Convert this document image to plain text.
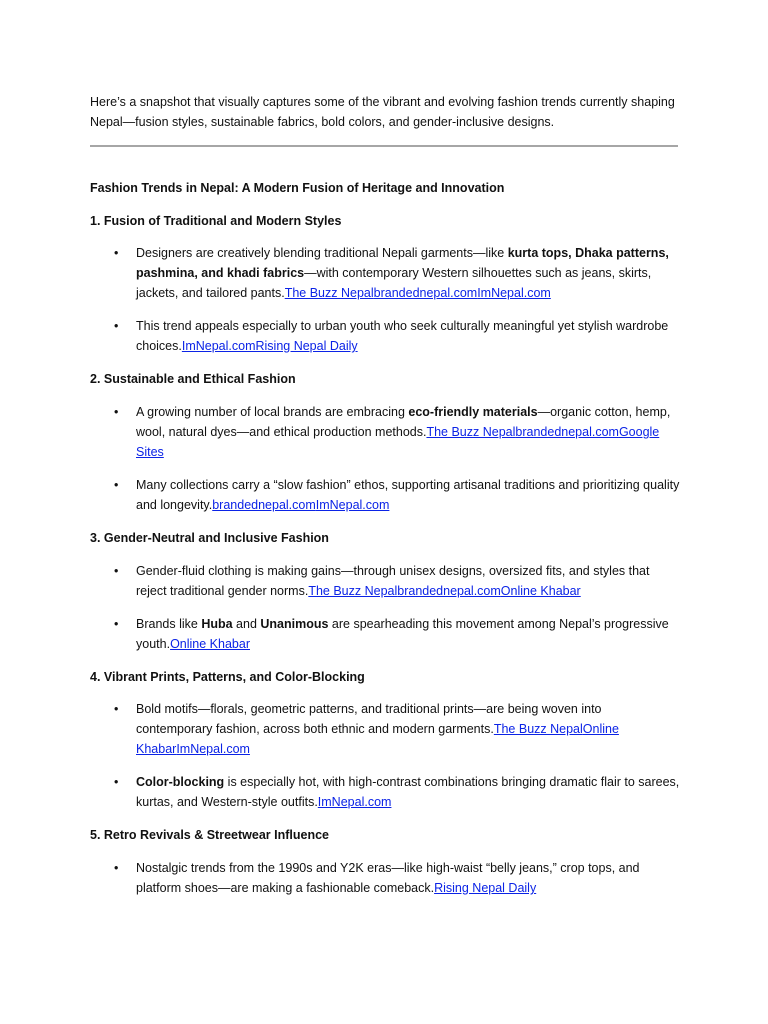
Here’s a snapshot that visually captures some of the vibrant and evolving fashion trends currently shaping Nepal—fusion styles, sustainable fabrics, bold colors, and gender-inclusive designs.
Fashion Trends in Nepal: A Modern Fusion of Heritage and Innovation
1. Fusion of Traditional and Modern Styles
• Designers are creatively blending traditional Nepali garments—like kurta tops, Dhaka patterns, pashmina, and khadi fabrics—with contemporary Western silhouettes such as jeans, skirts, jackets, and tailored pants.The Buzz Nepalbrandednepal.comImNepal.com
• This trend appeals especially to urban youth who seek culturally meaningful yet stylish wardrobe choices.ImNepal.comRising Nepal Daily
2. Sustainable and Ethical Fashion
• A growing number of local brands are embracing eco-friendly materials—organic cotton, hemp, wool, natural dyes—and ethical production methods.The Buzz Nepalbrandednepal.comGoogle Sites
• Many collections carry a “slow fashion” ethos, supporting artisanal traditions and prioritizing quality and longevity.brandednepal.comImNepal.com
3. Gender-Neutral and Inclusive Fashion
• Gender-fluid clothing is making gains—through unisex designs, oversized fits, and styles that reject traditional gender norms.The Buzz Nepalbrandednepal.comOnline Khabar
• Brands like Huba and Unanimous are spearheading this movement among Nepal’s progressive youth.Online Khabar
4. Vibrant Prints, Patterns, and Color-Blocking
• Bold motifs—florals, geometric patterns, and traditional prints—are being woven into contemporary fashion, across both ethnic and modern garments.The Buzz NepalOnline KhabarImNepal.com
• Color-blocking is especially hot, with high-contrast combinations bringing dramatic flair to sarees, kurtas, and Western-style outfits.ImNepal.com
5. Retro Revivals & Streetwear Influence
• Nostalgic trends from the 1990s and Y2K eras—like high-waist “belly jeans,” crop tops, and platform shoes—are making a fashionable comeback.Rising Nepal Daily
